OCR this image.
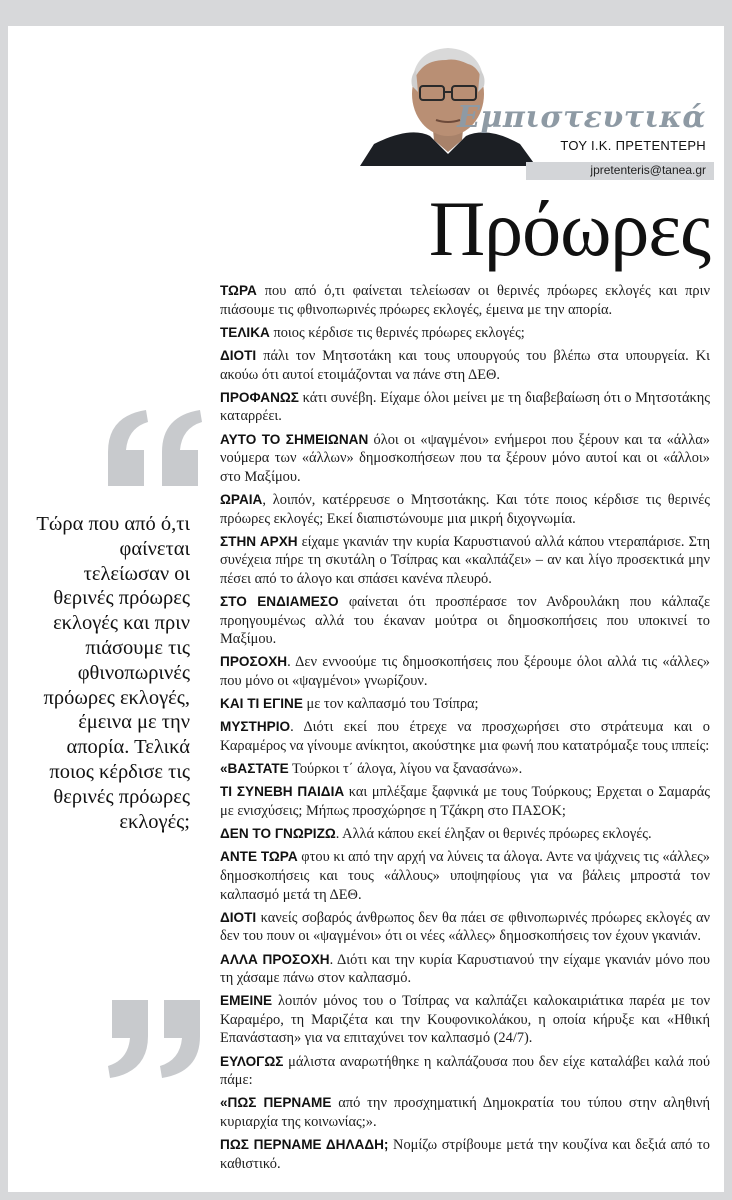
Εμπιστευτικά
ΤΟΥ Ι.Κ. ΠΡΕΤΕΝΤΕΡΗ
jpretenteris@tanea.gr
Πρόωρες
Τώρα που από ό,τι φαίνεται τελείωσαν οι θερινές πρόωρες εκλογές και πριν πιάσουμε τις φθινοπωρινές πρόωρες εκλογές, έμεινα με την απορία. Τελικά ποιος κέρδισε τις θερινές πρόωρες εκλογές;

ΤΩΡΑ που από ό,τι φαίνεται τελείωσαν οι θερινές πρόωρες εκλογές και πριν πιάσουμε τις φθινοπωρινές πρόωρες εκλογές, έμεινα με την απορία.

ΤΕΛΙΚΑ ποιος κέρδισε τις θερινές πρόωρες εκλογές;

ΔΙΟΤΙ πάλι τον Μητσοτάκη και τους υπουργούς του βλέπω στα υπουργεία. Κι ακούω ότι αυτοί ετοιμάζονται να πάνε στη ΔΕΘ.

ΠΡΟΦΑΝΩΣ κάτι συνέβη. Είχαμε όλοι μείνει με τη διαβεβαίωση ότι ο Μητσοτάκης καταρρέει.

ΑΥΤΟ ΤΟ ΣΗΜΕΙΩΝΑΝ όλοι οι «ψαγμένοι» ενήμεροι που ξέρουν και τα «άλλα» νούμερα των «άλλων» δημοσκοπήσεων που τα ξέρουν μόνο αυτοί και οι «άλλοι» στο Μαξίμου.

ΩΡΑΙΑ, λοιπόν, κατέρρευσε ο Μητσοτάκης. Και τότε ποιος κέρδισε τις θερινές πρόωρες εκλογές; Εκεί διαπιστώνουμε μια μικρή διχογνωμία.

ΣΤΗΝ ΑΡΧΗ είχαμε γκανιάν την κυρία Καρυστιανού αλλά κάπου ντεραπάρισε. Στη συνέχεια πήρε τη σκυτάλη ο Τσίπρας και «καλπάζει» – αν και λίγο προσεκτικά μην πέσει από το άλογο και σπάσει κανένα πλευρό.

ΣΤΟ ΕΝΔΙΑΜΕΣΟ φαίνεται ότι προσπέρασε τον Ανδρουλάκη που κάλπαζε προηγουμένως αλλά του έκαναν μούτρα οι δημοσκοπήσεις που υποκινεί το Μαξίμου.

ΠΡΟΣΟΧΗ. Δεν εννοούμε τις δημοσκοπήσεις που ξέρουμε όλοι αλλά τις «άλλες» που μόνο οι «ψαγμένοι» γνωρίζουν.

ΚΑΙ ΤΙ ΕΓΙΝΕ με τον καλπασμό του Τσίπρα;

ΜΥΣΤΗΡΙΟ. Διότι εκεί που έτρεχε να προσχωρήσει στο στράτευμα και ο Καραμέρος να γίνουμε ανίκητοι, ακούστηκε μια φωνή που κατατρόμαξε τους ιππείς:

«ΒΑΣΤΑΤΕ Τούρκοι τ΄ άλογα, λίγου να ξανασάνω».

ΤΙ ΣΥΝΕΒΗ ΠΑΙΔΙΑ και μπλέξαμε ξαφνικά με τους Τούρκους; Ερχεται ο Σαμαράς με ενισχύσεις; Μήπως προσχώρησε η Τζάκρη στο ΠΑΣΟΚ;

ΔΕΝ ΤΟ ΓΝΩΡΙΖΩ. Αλλά κάπου εκεί έληξαν οι θερινές πρόωρες εκλογές.

ΑΝΤΕ ΤΩΡΑ φτου κι από την αρχή να λύνεις τα άλογα. Αντε να ψάχνεις τις «άλλες» δημοσκοπήσεις και τους «άλλους» υποψηφίους για να βάλεις μπροστά τον καλπασμό μετά τη ΔΕΘ.

ΔΙΟΤΙ κανείς σοβαρός άνθρωπος δεν θα πάει σε φθινοπωρινές πρόωρες εκλογές αν δεν του πουν οι «ψαγμένοι» ότι οι νέες «άλλες» δημοσκοπήσεις τον έχουν γκανιάν.

ΑΛΛΑ ΠΡΟΣΟΧΗ. Διότι και την κυρία Καρυστιανού την είχαμε γκανιάν μόνο που τη χάσαμε πάνω στον καλπασμό.

ΕΜΕΙΝΕ λοιπόν μόνος του ο Τσίπρας να καλπάζει καλοκαιριάτικα παρέα με τον Καραμέρο, τη Μαριζέτα και την Κουφονικολάκου, η οποία κήρυξε και «Ηθική Επανάσταση» για να επιταχύνει τον καλπασμό (24/7).

ΕΥΛΟΓΩΣ μάλιστα αναρωτήθηκε η καλπάζουσα που δεν είχε καταλάβει καλά πού πάμε:

«ΠΩΣ ΠΕΡΝΑΜΕ από την προσχηματική Δημοκρατία του τύπου στην αληθινή κυριαρχία της κοινωνίας;».

ΠΩΣ ΠΕΡΝΑΜΕ ΔΗΛΑΔΗ; Νομίζω στρίβουμε μετά την κουζίνα και δεξιά από το καθιστικό.
